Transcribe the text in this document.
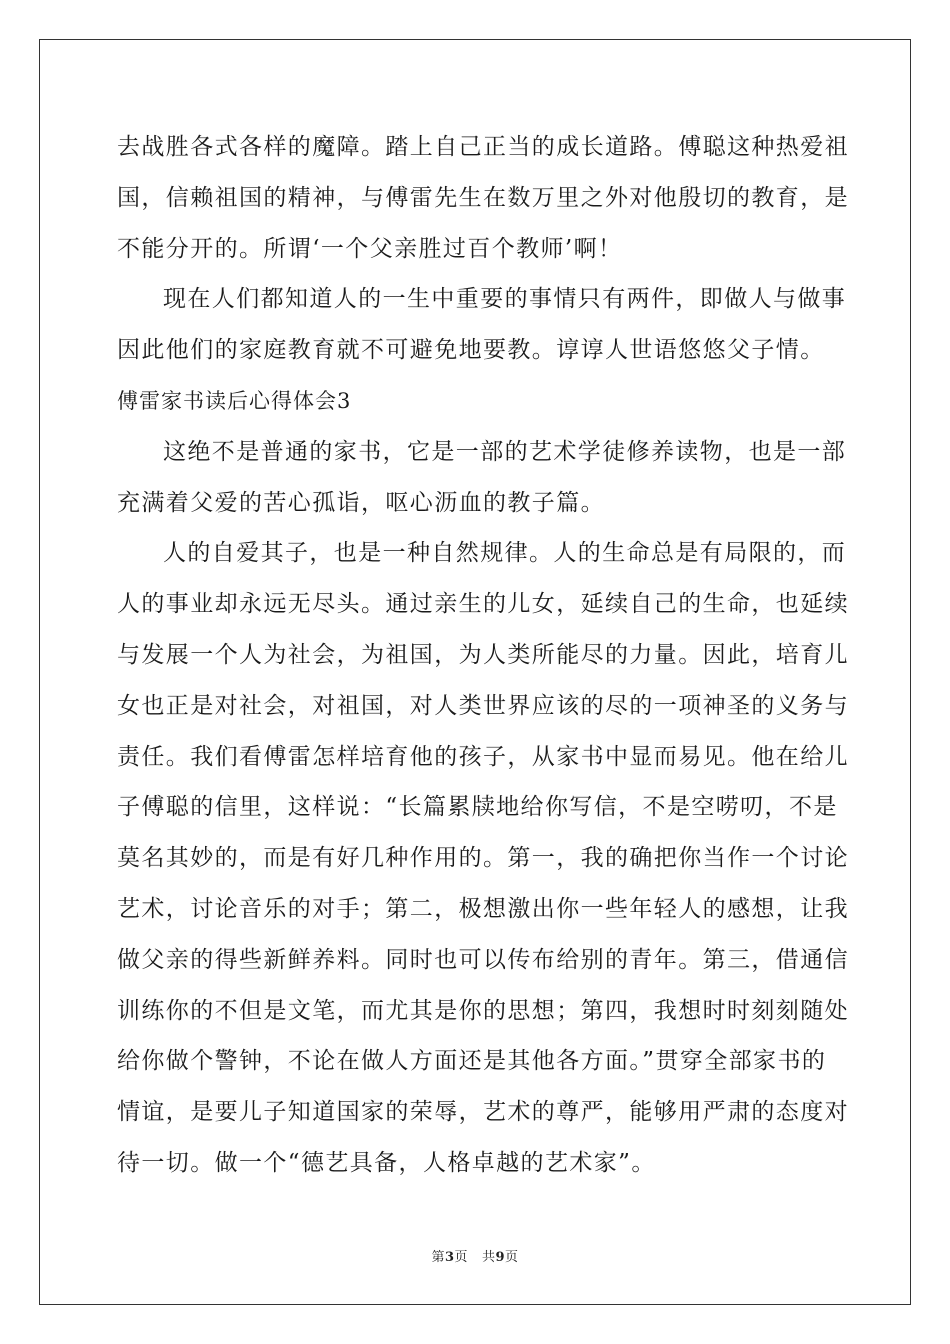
去战胜各式各样的魔障。踏上自己正当的成长道路。傅聪这种热爱祖
国，信赖祖国的精神，与傅雷先生在数万里之外对他殷切的教育，是
不能分开的。所谓‘一个父亲胜过百个教师’啊！
现在人们都知道人的一生中重要的事情只有两件，即做人与做事
因此他们的家庭教育就不可避免地要教。谆谆人世语悠悠父子情。
傅雷家书读后心得体会3
这绝不是普通的家书，它是一部的艺术学徒修养读物，也是一部
充满着父爱的苦心孤诣，呕心沥血的教子篇。
人的自爱其子，也是一种自然规律。人的生命总是有局限的，而
人的事业却永远无尽头。通过亲生的儿女，延续自己的生命，也延续
与发展一个人为社会，为祖国，为人类所能尽的力量。因此，培育儿
女也正是对社会，对祖国，对人类世界应该的尽的一项神圣的义务与
责任。我们看傅雷怎样培育他的孩子，从家书中显而易见。他在给儿
子傅聪的信里，这样说：“长篇累牍地给你写信，不是空唠叨，不是
莫名其妙的，而是有好几种作用的。第一，我的确把你当作一个讨论
艺术，讨论音乐的对手；第二，极想激出你一些年轻人的感想，让我
做父亲的得些新鲜养料。同时也可以传布给别的青年。第三，借通信
训练你的不但是文笔，而尤其是你的思想；第四，我想时时刻刻随处
给你做个警钟，不论在做人方面还是其他各方面。”贯穿全部家书的
情谊，是要儿子知道国家的荣辱，艺术的尊严，能够用严肃的态度对
待一切。做一个“德艺具备，人格卓越的艺术家”。
第3页 共9页
